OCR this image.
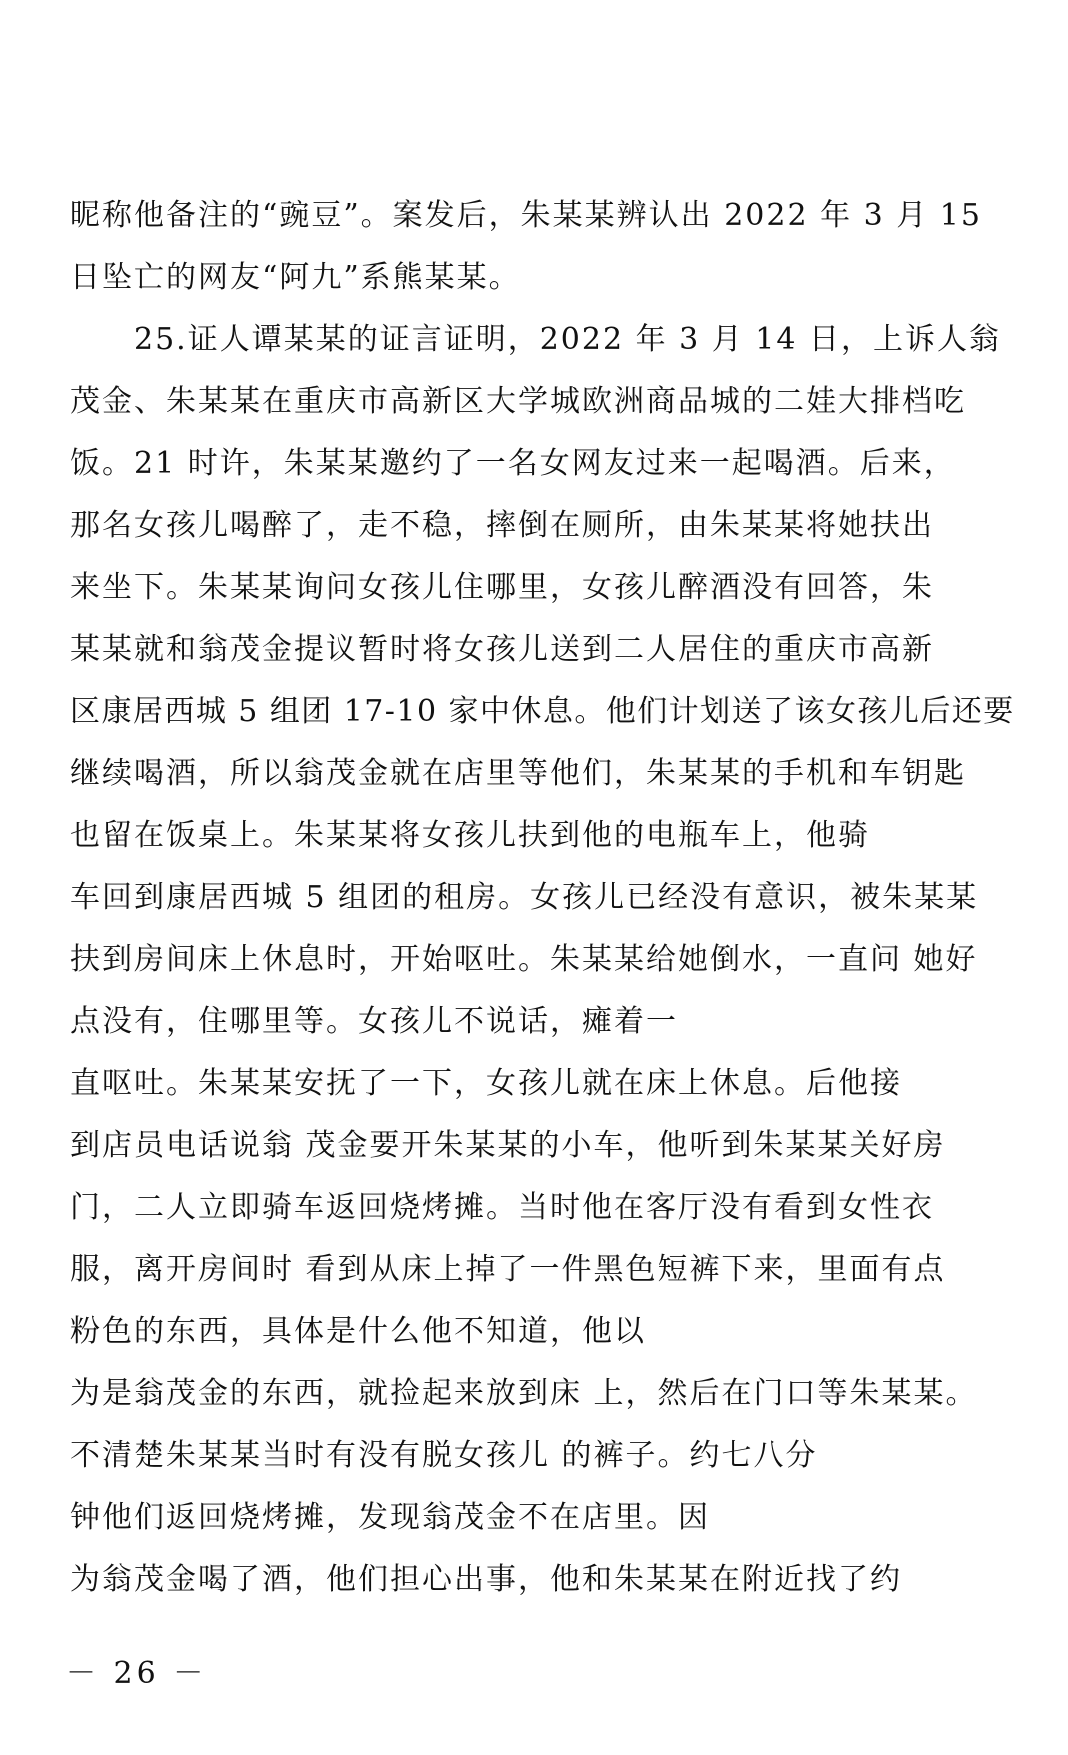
昵称他备注的“豌豆”。案发后，朱某某辨认出 2022 年 3 月 15
日坠亡的网友“阿九”系熊某某。
　　25.证人谭某某的证言证明，2022 年 3 月 14 日，上诉人翁
茂金、朱某某在重庆市高新区大学城欧洲商品城的二娃大排档吃
饭。21 时许，朱某某邀约了一名女网友过来一起喝酒。后来，
那名女孩儿喝醉了，走不稳，摔倒在厕所，由朱某某将她扶出
来坐下。朱某某询问女孩儿住哪里，女孩儿醉酒没有回答，朱
某某就和翁茂金提议暂时将女孩儿送到二人居住的重庆市高新
区康居西城 5 组团 17-10 家中休息。他们计划送了该女孩儿后还要
继续喝酒，所以翁茂金就在店里等他们，朱某某的手机和车钥匙
也留在饭桌上。朱某某将女孩儿扶到他的电瓶车上，他骑
车回到康居西城 5 组团的租房。女孩儿已经没有意识，被朱某某
扶到房间床上休息时，开始呕吐。朱某某给她倒水，一直问 她好
点没有，住哪里等。女孩儿不说话，瘫着一
直呕吐。朱某某安抚了一下，女孩儿就在床上休息。后他接
到店员电话说翁 茂金要开朱某某的小车，他听到朱某某关好房
门，二人立即骑车返回烧烤摊。当时他在客厅没有看到女性衣
服，离开房间时 看到从床上掉了一件黑色短裤下来，里面有点
粉色的东西，具体是什么他不知道，他以
为是翁茂金的东西，就捡起来放到床 上，然后在门口等朱某某。
不清楚朱某某当时有没有脱女孩儿 的裤子。约七八分
钟他们返回烧烤摊，发现翁茂金不在店里。因
为翁茂金喝了酒，他们担心出事，他和朱某某在附近找了约
－ 26 －
